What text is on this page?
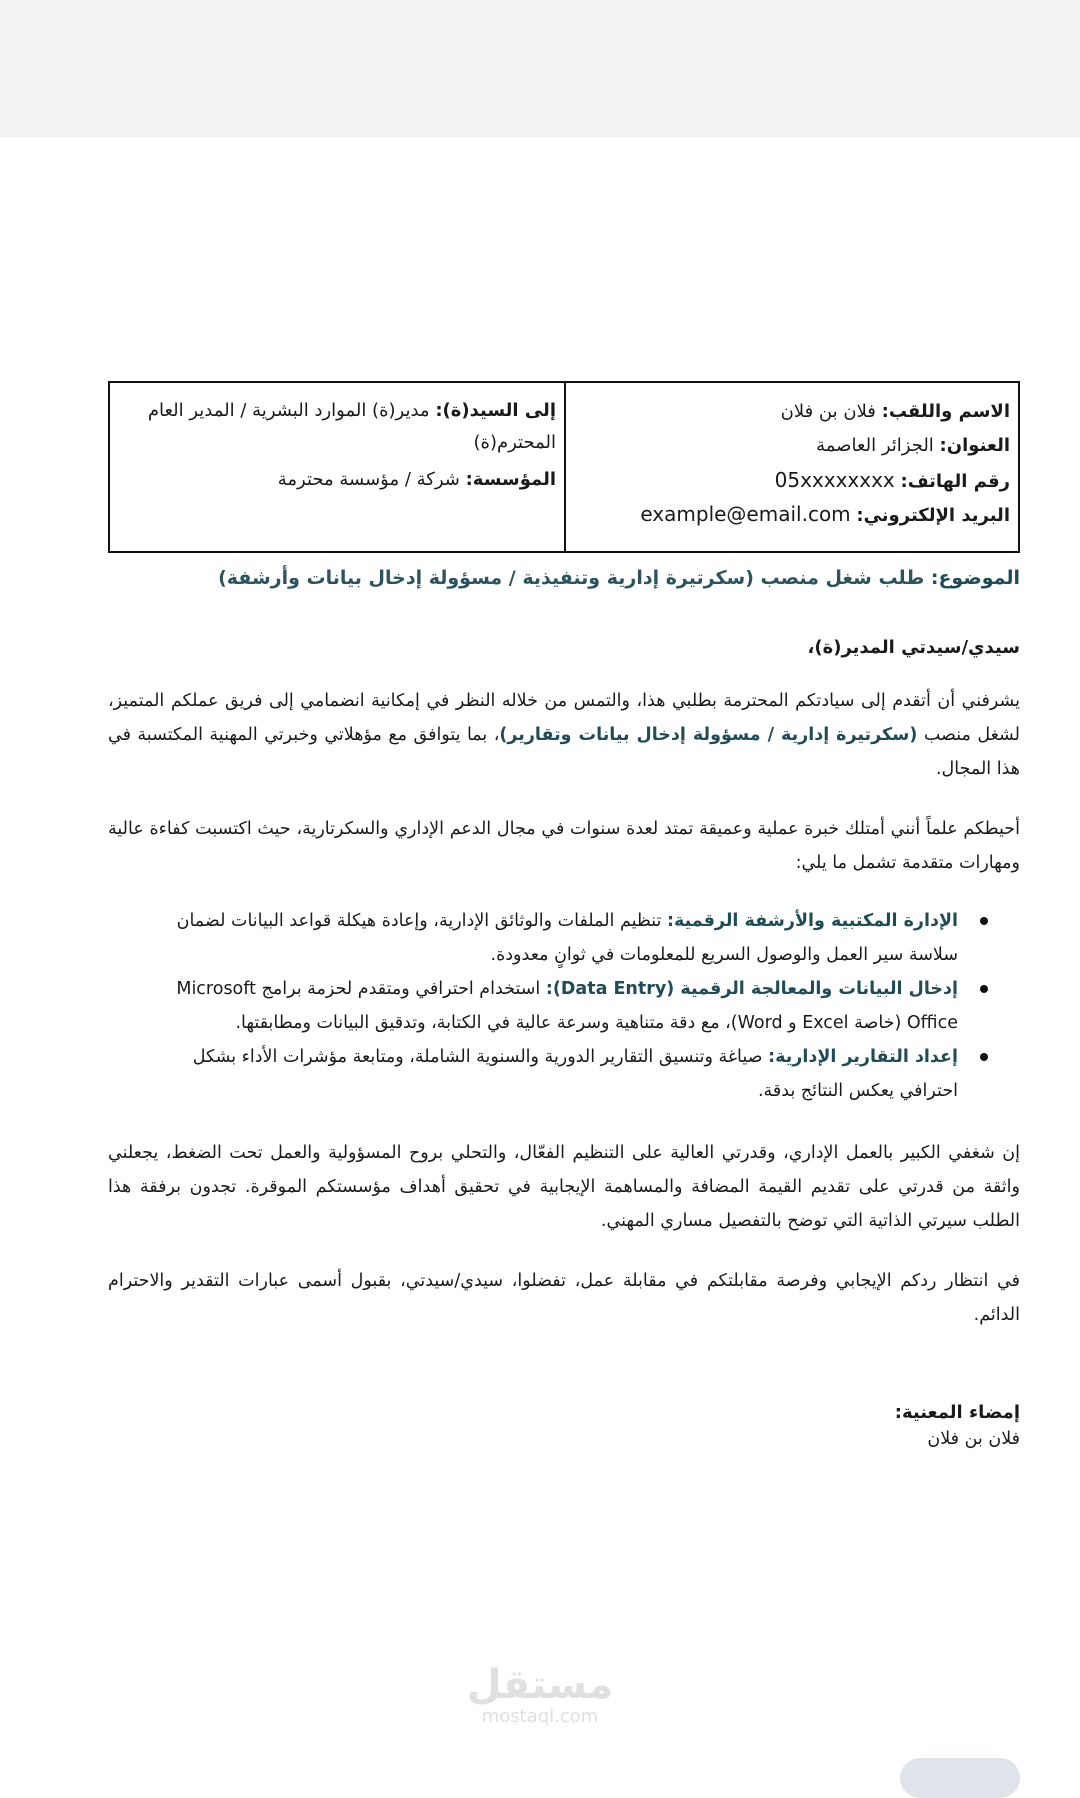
الاسم واللقب: فلان بن فلان
العنوان: الجزائر العاصمة
رقم الهاتف: 05xxxxxxxx
البريد الإلكتروني: example@email.com
إلى السيد(ة): مدير(ة) الموارد البشرية / المدير العام المحترم(ة)
المؤسسة: شركة / مؤسسة محترمة
الموضوع: طلب شغل منصب (سكرتيرة إدارية وتنفيذية / مسؤولة إدخال بيانات وأرشفة)
سيدي/سيدتي المدير(ة)،

يشرفني أن أتقدم إلى سيادتكم المحترمة بطلبي هذا، والتمس من خلاله النظر في إمكانية انضمامي إلى فريق عملكم المتميز، لشغل منصب (سكرتيرة إدارية / مسؤولة إدخال بيانات وتقارير)، بما يتوافق مع مؤهلاتي وخبرتي المهنية المكتسبة في هذا المجال.

أحيطكم علماً أنني أمتلك خبرة عملية وعميقة تمتد لعدة سنوات في مجال الدعم الإداري والسكرتارية، حيث اكتسبت كفاءة عالية ومهارات متقدمة تشمل ما يلي:

الإدارة المكتبية والأرشفة الرقمية: تنظيم الملفات والوثائق الإدارية، وإعادة هيكلة قواعد البيانات لضمان سلاسة سير العمل والوصول السريع للمعلومات في ثوانٍ معدودة.
إدخال البيانات والمعالجة الرقمية (Data Entry): استخدام احترافي ومتقدم لحزمة برامج Microsoft Office (خاصة Excel و Word)، مع دقة متناهية وسرعة عالية في الكتابة، وتدقيق البيانات ومطابقتها.
إعداد التقارير الإدارية: صياغة وتنسيق التقارير الدورية والسنوية الشاملة، ومتابعة مؤشرات الأداء بشكل احترافي يعكس النتائج بدقة.

إن شغفي الكبير بالعمل الإداري، وقدرتي العالية على التنظيم الفعّال، والتحلي بروح المسؤولية والعمل تحت الضغط، يجعلني واثقة من قدرتي على تقديم القيمة المضافة والمساهمة الإيجابية في تحقيق أهداف مؤسستكم الموقرة. تجدون برفقة هذا الطلب سيرتي الذاتية التي توضح بالتفصيل مساري المهني.

في انتظار ردكم الإيجابي وفرصة مقابلتكم في مقابلة عمل، تفضلوا، سيدي/سيدتي، بقبول أسمى عبارات التقدير والاحترام الدائم.

إمضاء المعنية:
فلان بن فلان
مستقل
mostaql.com
